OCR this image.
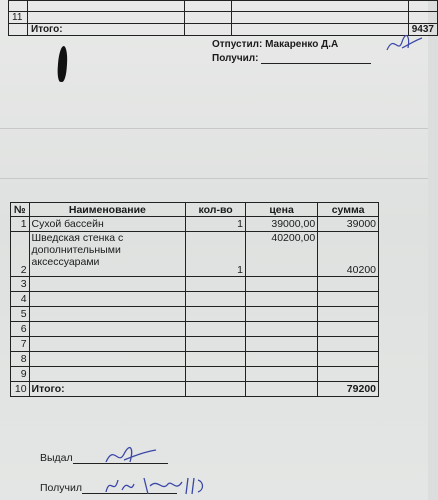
11				
	Итого:			9437
Отпустил: Макаренко Д.А
Получил:
№	Наименование	кол-во	цена	сумма
1	Сухой бассейн	1	39000,00	39000
2	Шведская стенка с дополнительными аксессуарами	1	40200,00	40200
3				
4				
5				
6				
7				
8				
9				
10	Итого:			79200
Выдал
Получил
